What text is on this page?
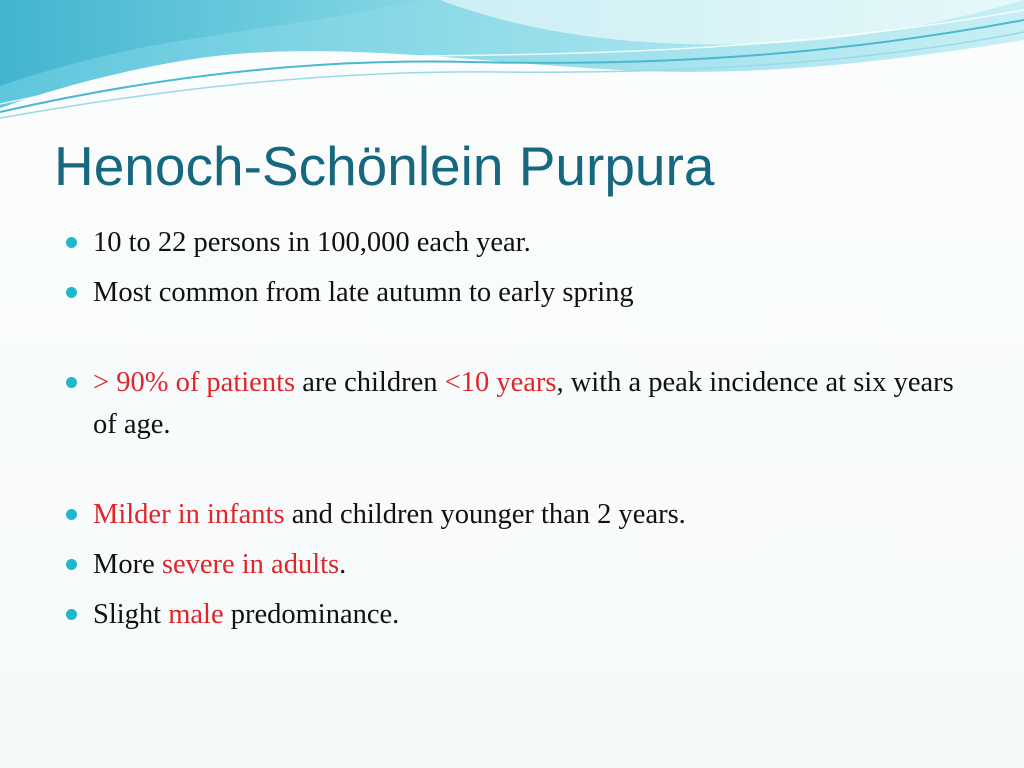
Henoch-Schönlein Purpura
10 to 22 persons in 100,000 each year.
Most common from late autumn to early spring
> 90% of patients are children <10 years, with a peak incidence at six years of age.
Milder in infants and children younger than 2 years.
More severe in adults.
Slight male predominance.
